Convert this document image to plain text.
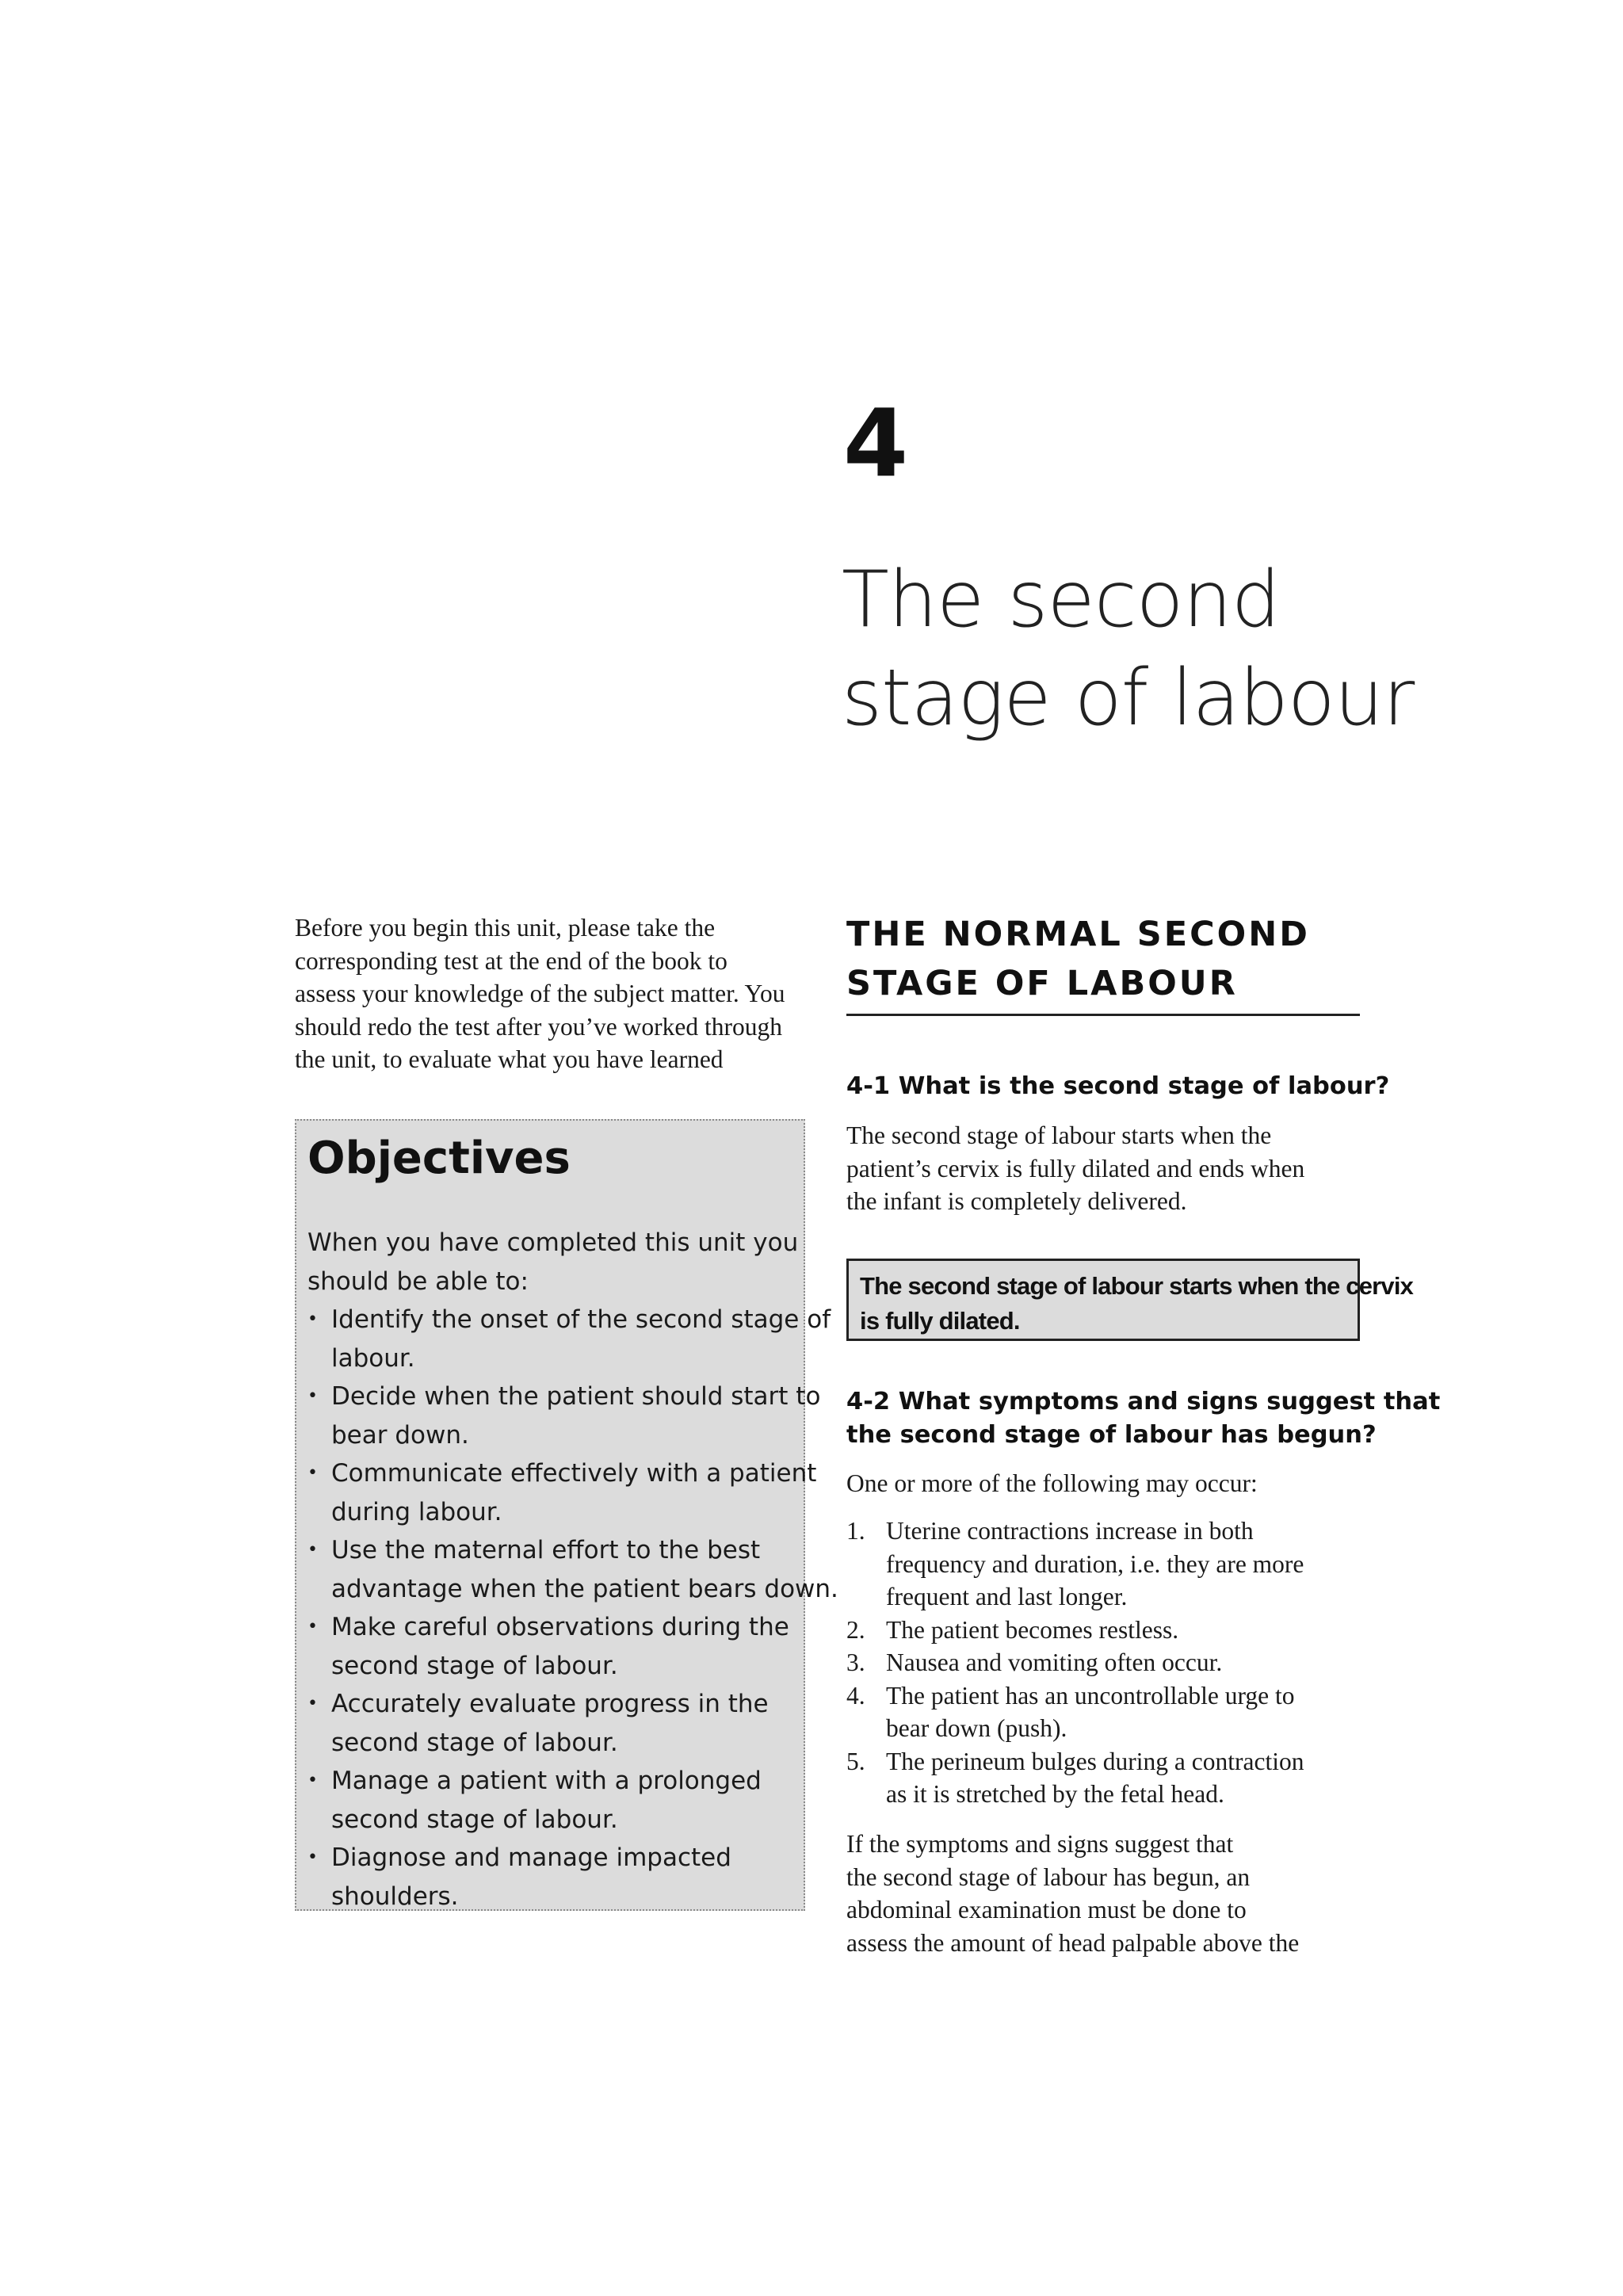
4
The second
stage of labour
Before you begin this unit, please take the
corresponding test at the end of the book to
assess your knowledge of the subject matter. You
should redo the test after you’ve worked through
the unit, to evaluate what you have learned
Objectives
When you have completed this unit you
should be able to:
• Identify the onset of the second stage of
labour.
• Decide when the patient should start to
bear down.
• Communicate effectively with a patient
during labour.
• Use the maternal effort to the best
advantage when the patient bears down.
• Make careful observations during the
second stage of labour.
• Accurately evaluate progress in the
second stage of labour.
• Manage a patient with a prolonged
second stage of labour.
• Diagnose and manage impacted
shoulders.
THE NORMAL SECOND
STAGE OF LABOUR
4-1 What is the second stage of labour?
The second stage of labour starts when the
patient’s cervix is fully dilated and ends when
the infant is completely delivered.
The second stage of labour starts when the cervix
is fully dilated.
4-2 What symptoms and signs suggest that
the second stage of labour has begun?
One or more of the following may occur:
1. Uterine contractions increase in both
frequency and duration, i.e. they are more
frequent and last longer.
2. The patient becomes restless.
3. Nausea and vomiting often occur.
4. The patient has an uncontrollable urge to
bear down (push).
5. The perineum bulges during a contraction
as it is stretched by the fetal head.
If the symptoms and signs suggest that
the second stage of labour has begun, an
abdominal examination must be done to
assess the amount of head palpable above the
